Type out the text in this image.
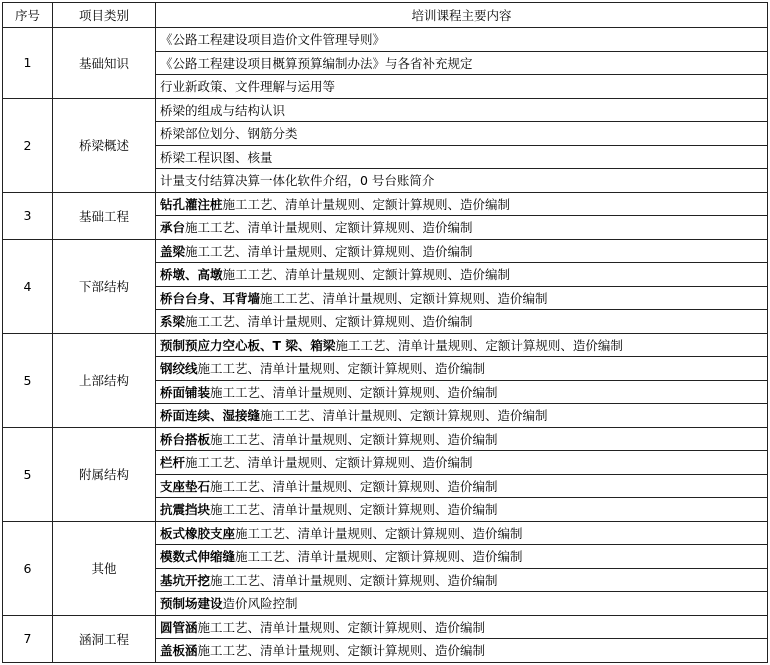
序号	项目类别	培训课程主要内容
1	基础知识	《公路工程建设项目造价文件管理导则》
		《公路工程建设项目概算预算编制办法》与各省补充规定
		行业新政策、文件理解与运用等
2	桥梁概述	桥梁的组成与结构认识
		桥梁部位划分、钢筋分类
		桥梁工程识图、核量
		计量支付结算决算一体化软件介绍，0 号台账简介
3	基础工程	钻孔灌注桩施工工艺、清单计量规则、定额计算规则、造价编制
		承台施工工艺、清单计量规则、定额计算规则、造价编制
4	下部结构	盖梁施工工艺、清单计量规则、定额计算规则、造价编制
		桥墩、高墩施工工艺、清单计量规则、定额计算规则、造价编制
		桥台台身、耳背墙施工工艺、清单计量规则、定额计算规则、造价编制
		系梁施工工艺、清单计量规则、定额计算规则、造价编制
5	上部结构	预制预应力空心板、T 梁、箱梁施工工艺、清单计量规则、定额计算规则、造价编制
		钢绞线施工工艺、清单计量规则、定额计算规则、造价编制
		桥面铺装施工工艺、清单计量规则、定额计算规则、造价编制
		桥面连续、湿接缝施工工艺、清单计量规则、定额计算规则、造价编制
5	附属结构	桥台搭板施工工艺、清单计量规则、定额计算规则、造价编制
		栏杆施工工艺、清单计量规则、定额计算规则、造价编制
		支座垫石施工工艺、清单计量规则、定额计算规则、造价编制
		抗震挡块施工工艺、清单计量规则、定额计算规则、造价编制
6	其他	板式橡胶支座施工工艺、清单计量规则、定额计算规则、造价编制
		模数式伸缩缝施工工艺、清单计量规则、定额计算规则、造价编制
		基坑开挖施工工艺、清单计量规则、定额计算规则、造价编制
		预制场建设造价风险控制
7	涵洞工程	圆管涵施工工艺、清单计量规则、定额计算规则、造价编制
		盖板涵施工工艺、清单计量规则、定额计算规则、造价编制
